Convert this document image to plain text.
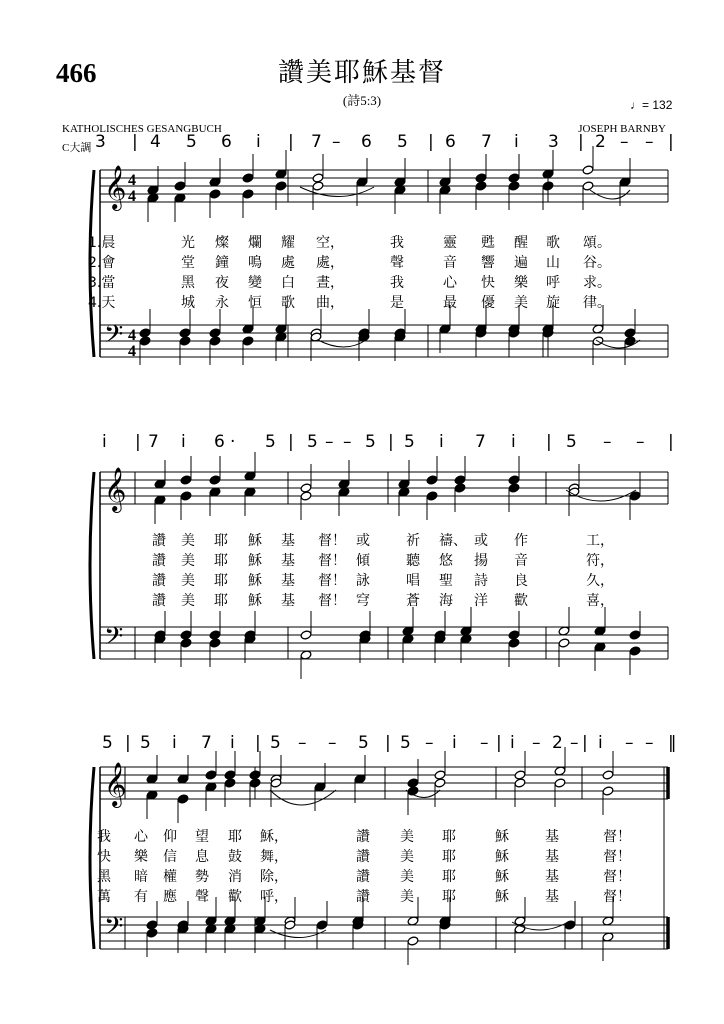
466	讚美耶穌基督
(詩5:3)	♩= 132
KATHOLISCHES GESANGBUCH	JOSEPH BARNBY
C大調
𝄞
𝄢
4
4
4
4
𝄞
𝄢
𝄞
𝄢
3 | 4 5 6 i | 7 – 6 5 | 6 7 i 3 | 2 – – |
i | 7 i 6 · 5 | 5 – – 5 | 5 i 7 i | 5 – – |
5 | 5 i 7 i | 5 – – 5 | 5 – i – | i – 2 – | i – – ‖
1.晨	光 燦 爛 耀 空，	我	靈 甦 醒 歌 頌。
2.會	堂 鐘 鳴 處 處，	聲	音 響 遍 山 谷。
3.當	黑 夜 變 白 晝，	我	心 快 樂 呼 求。
4.天	城 永 恒 歌 曲，	是	最 優 美 旋 律。
讚 美 耶 穌 基 督！ 或	祈 禱、 或 作	工，
讚 美 耶 穌 基 督！ 傾	聽 悠 揚 音	符，
讚 美 耶 穌 基 督！ 詠	唱 聖 詩 良	久，
讚 美 耶 穌 基 督！ 穹	蒼 海 洋 歡	喜，
我 心 仰 望 耶 穌，	讚 美 耶	穌	基	督！
快 樂 信 息 鼓 舞，	讚 美 耶	穌	基	督！
黑 暗 權 勢 消 除，	讚 美 耶	穌	基	督！
萬 有 應 聲 歡 呼，	讚 美 耶	穌	基	督！
